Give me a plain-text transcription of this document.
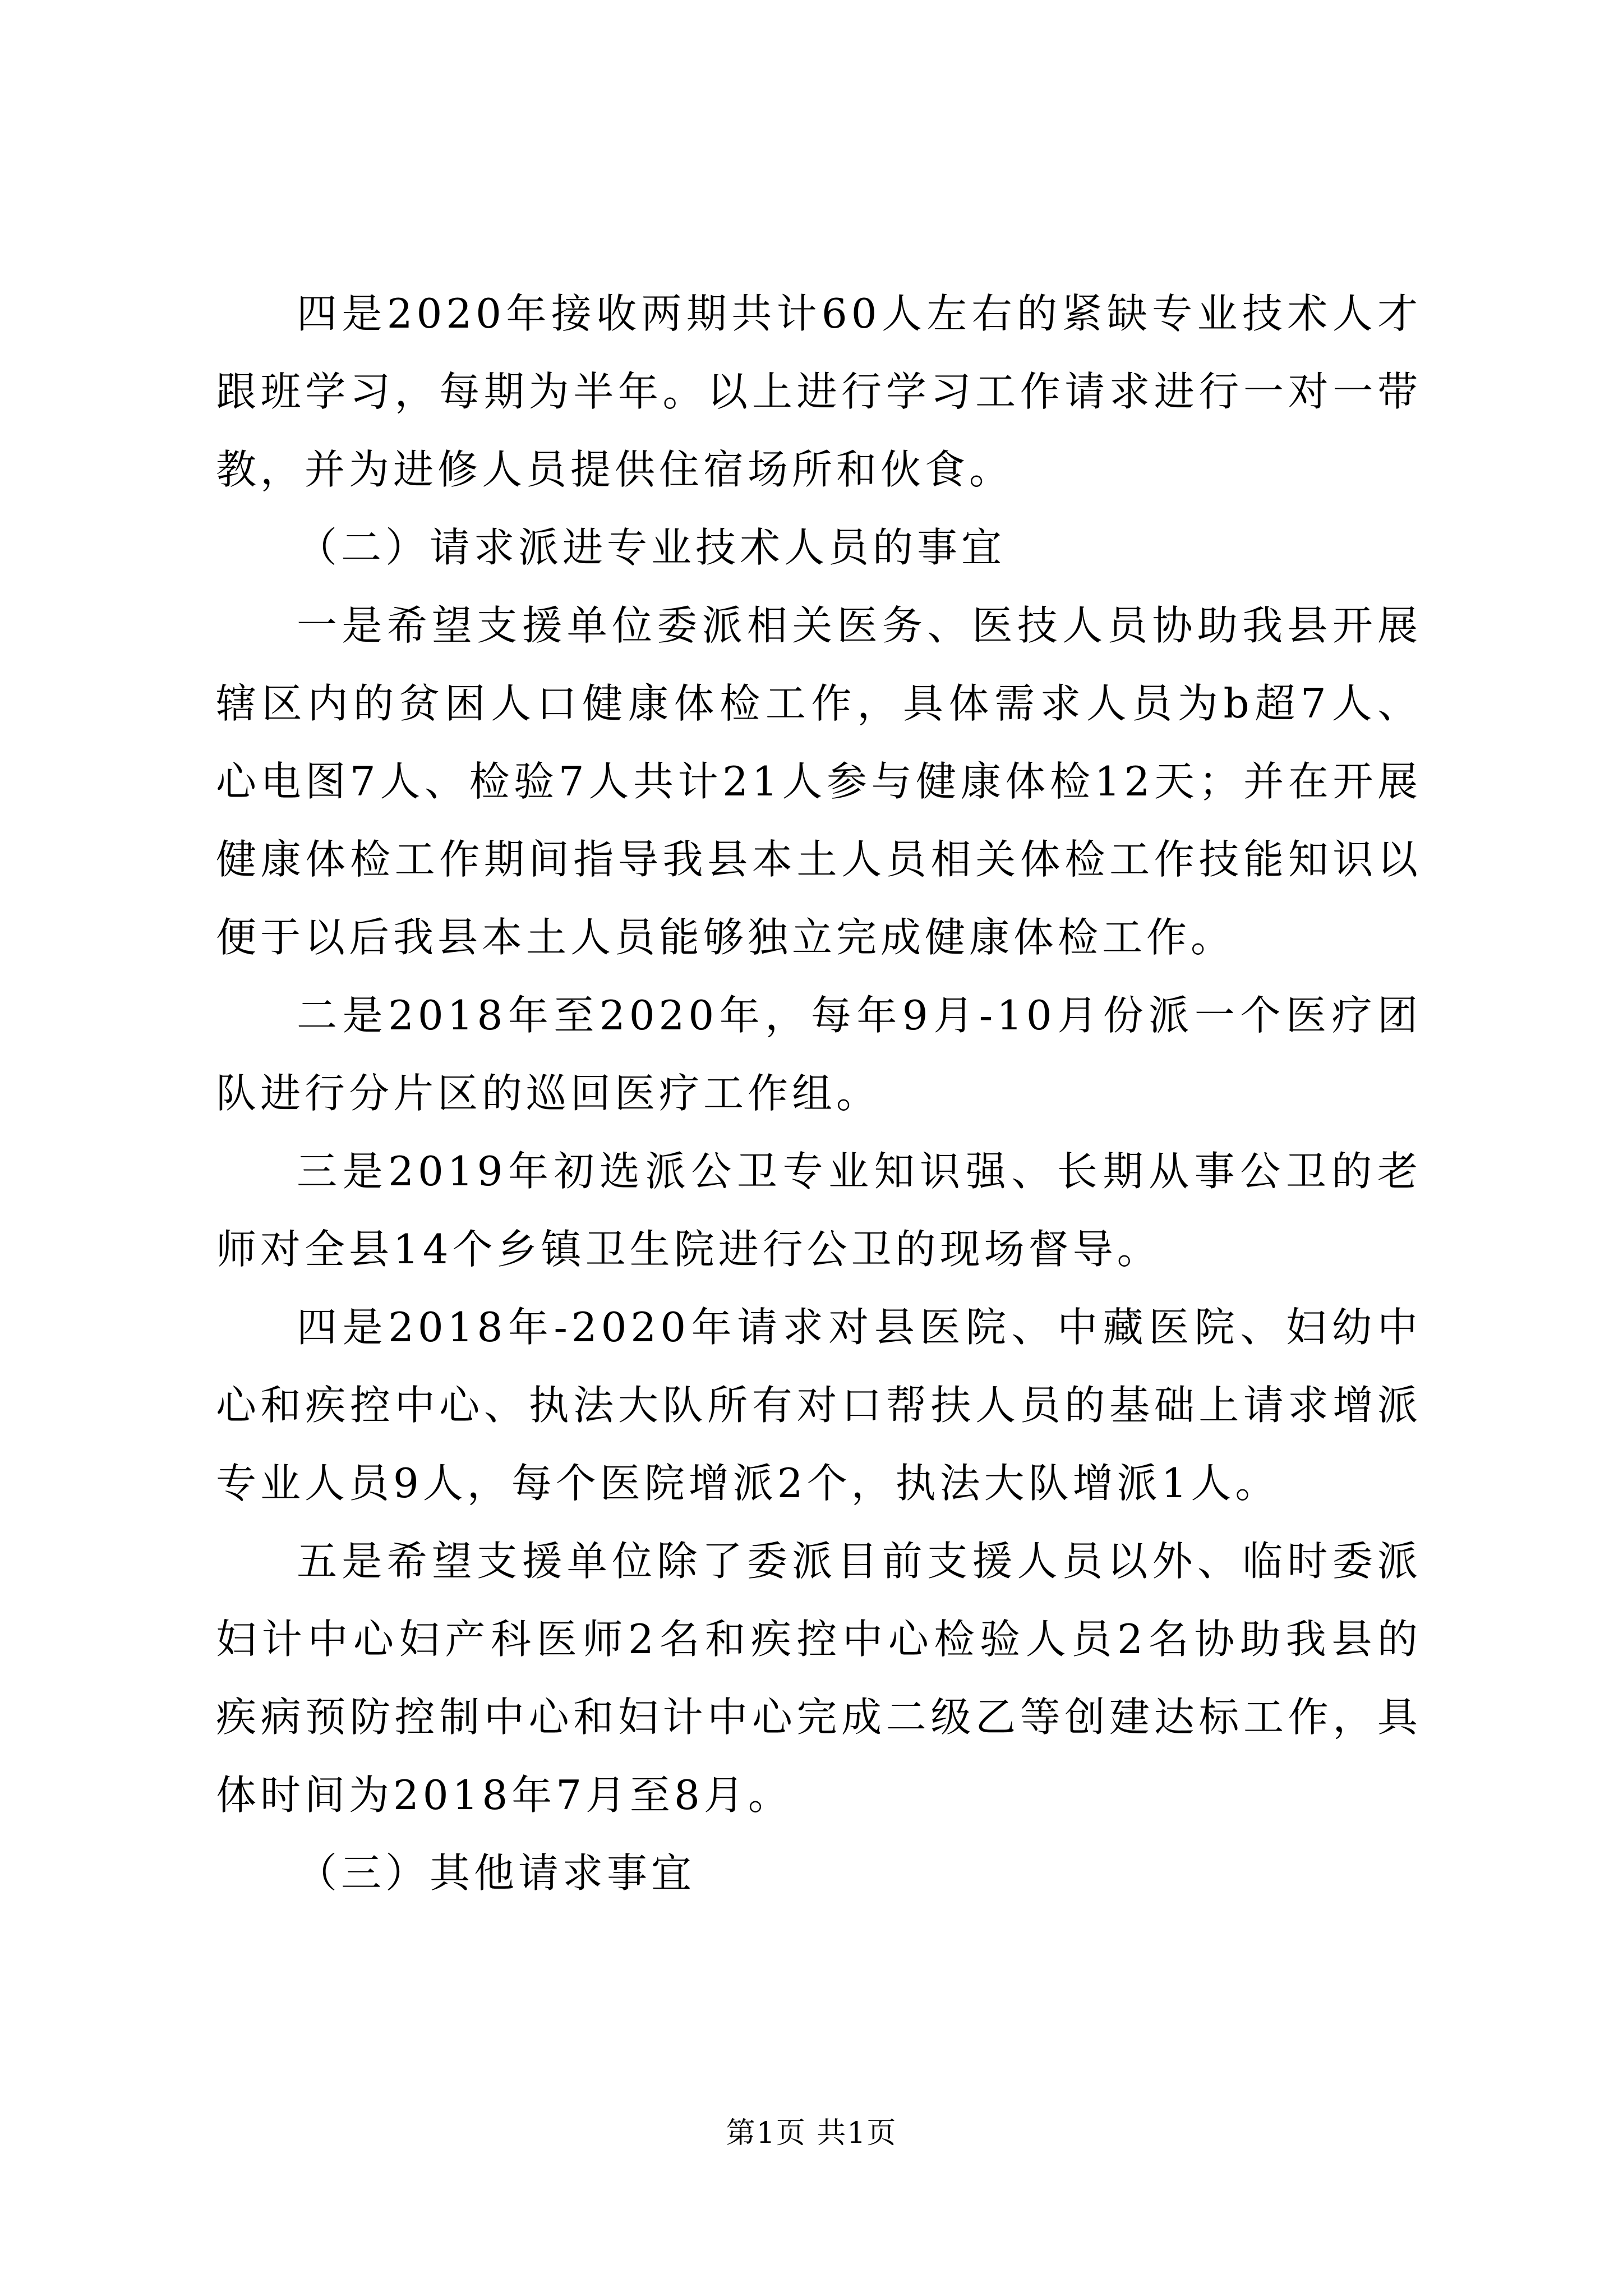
四是2020年接收两期共计60人左右的紧缺专业技术人才跟班学习，每期为半年。以上进行学习工作请求进行一对一带教，并为进修人员提供住宿场所和伙食。

（二）请求派进专业技术人员的事宜

一是希望支援单位委派相关医务、医技人员协助我县开展辖区内的贫困人口健康体检工作，具体需求人员为b超7人、心电图7人、检验7人共计21人参与健康体检12天；并在开展健康体检工作期间指导我县本土人员相关体检工作技能知识以便于以后我县本土人员能够独立完成健康体检工作。

二是2018年至2020年，每年9月-10月份派一个医疗团队进行分片区的巡回医疗工作组。

三是2019年初选派公卫专业知识强、长期从事公卫的老师对全县14个乡镇卫生院进行公卫的现场督导。

四是2018年-2020年请求对县医院、中藏医院、妇幼中心和疾控中心、执法大队所有对口帮扶人员的基础上请求增派专业人员9人，每个医院增派2个，执法大队增派1人。

五是希望支援单位除了委派目前支援人员以外、临时委派妇计中心妇产科医师2名和疾控中心检验人员2名协助我县的疾病预防控制中心和妇计中心完成二级乙等创建达标工作，具体时间为2018年7月至8月。

（三）其他请求事宜

第1页 共1页
